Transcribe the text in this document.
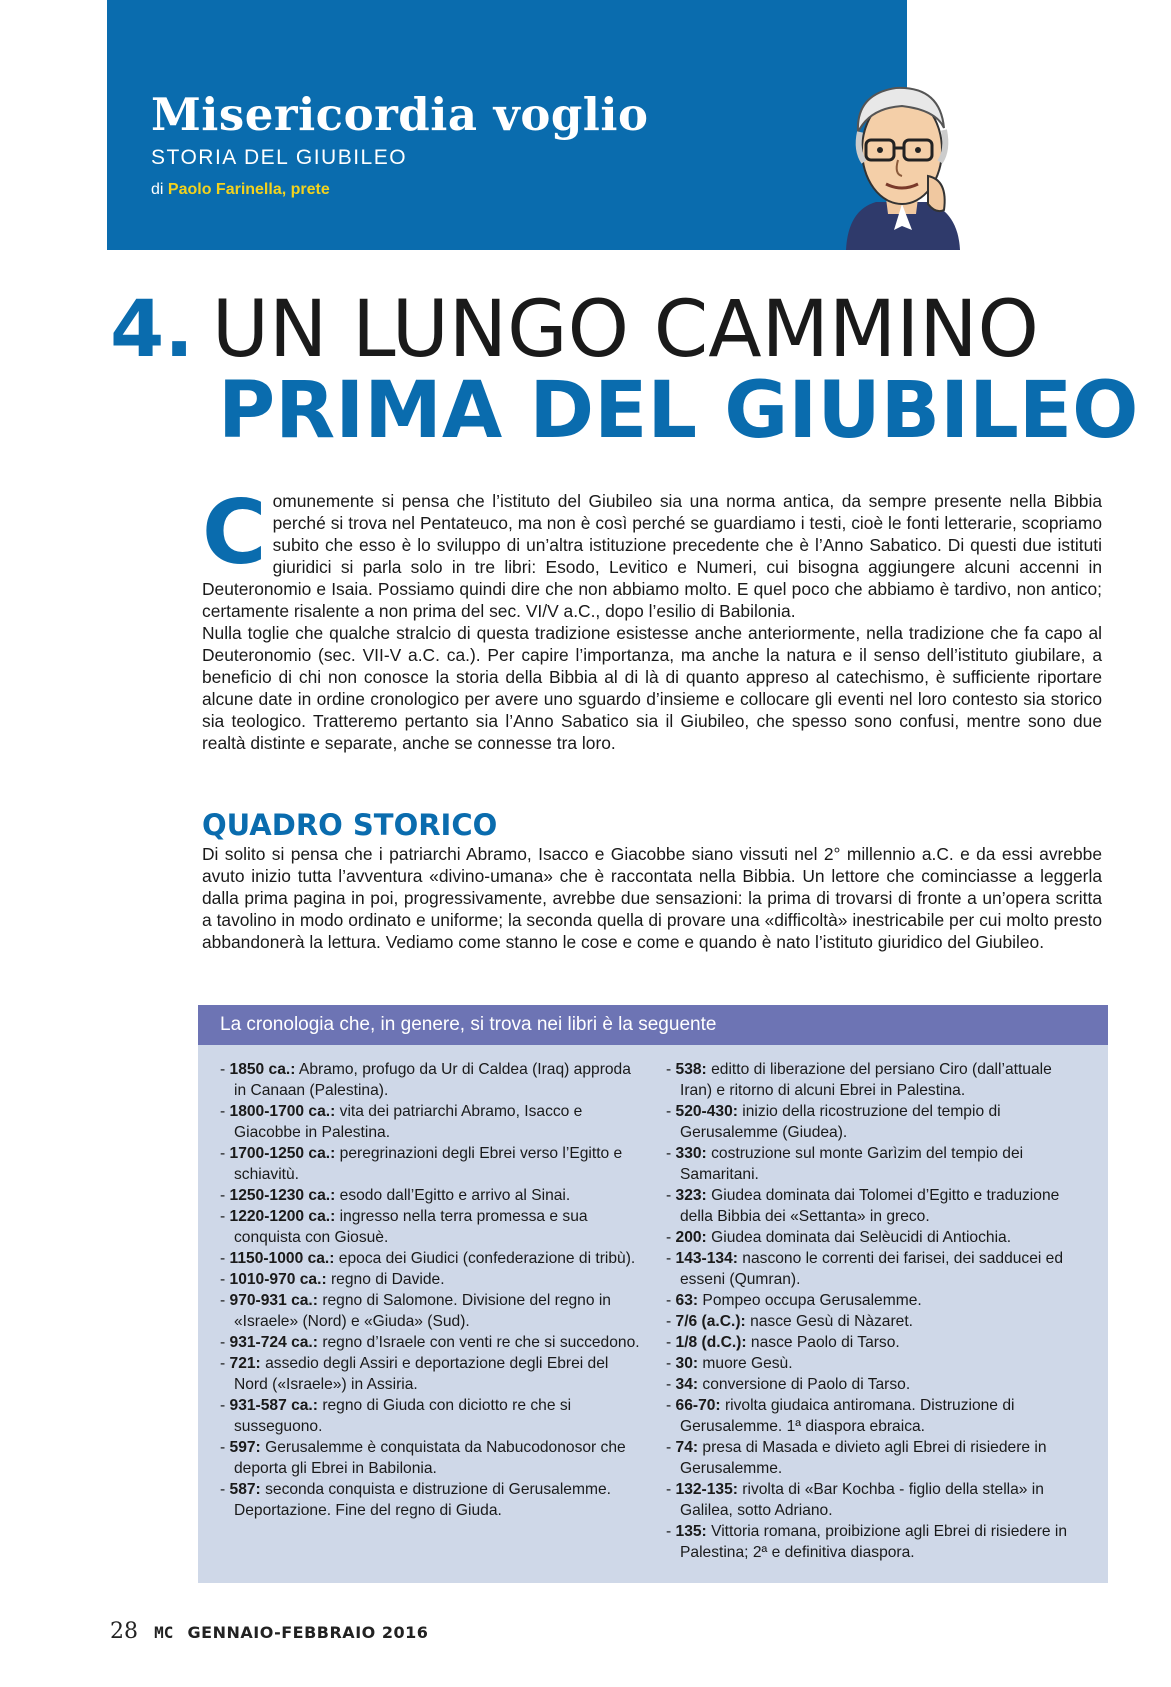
Misericordia voglio
STORIA DEL GIUBILEO
di Paolo Farinella, prete
4. UN LUNGO CAMMINO
PRIMA DEL GIUBILEO

Comunemente si pensa che l’istituto del Giubileo sia una norma antica, da sempre presente nella Bibbia perché si trova nel Pentateuco, ma non è così perché se guardiamo i testi, cioè le fonti letterarie, scopriamo subito che esso è lo sviluppo di un’altra istituzione precedente che è l’Anno Sabatico. Di questi due istituti giuridici si parla solo in tre libri: Esodo, Levitico e Numeri, cui bisogna aggiungere alcuni accenni in Deuteronomio e Isaia. Possiamo quindi dire che non abbiamo molto. E quel poco che abbiamo è tardivo, non antico; certamente risalente a non prima del sec. VI/V a.C., dopo l’esilio di Babilonia.

Nulla toglie che qualche stralcio di questa tradizione esistesse anche anteriormente, nella tradizione che fa capo al Deuteronomio (sec. VII-V a.C. ca.). Per capire l’importanza, ma anche la natura e il senso dell’istituto giubilare, a beneficio di chi non conosce la storia della Bibbia al di là di quanto appreso al catechismo, è sufficiente riportare alcune date in ordine cronologico per avere uno sguardo d’insieme e collocare gli eventi nel loro contesto sia storico sia teologico. Tratteremo pertanto sia l’Anno Sabatico sia il Giubileo, che spesso sono confusi, mentre sono due realtà distinte e separate, anche se connesse tra loro.

QUADRO STORICO

Di solito si pensa che i patriarchi Abramo, Isacco e Giacobbe siano vissuti nel 2° millennio a.C. e da essi avrebbe avuto inizio tutta l’avventura «divino-umana» che è raccontata nella Bibbia. Un lettore che cominciasse a leggerla dalla prima pagina in poi, progressivamente, avrebbe due sensazioni: la prima di trovarsi di fronte a un’opera scritta a tavolino in modo ordinato e uniforme; la seconda quella di provare una «difficoltà» inestricabile per cui molto presto abbandonerà la lettura. Vediamo come stanno le cose e come e quando è nato l’istituto giuridico del Giubileo.

La cronologia che, in genere, si trova nei libri è la seguente

- 1850 ca.: Abramo, profugo da Ur di Caldea (Iraq) approda in Canaan (Palestina).

- 1800-1700 ca.: vita dei patriarchi Abramo, Isacco e Giacobbe in Palestina.

- 1700-1250 ca.: peregrinazioni degli Ebrei verso l’Egitto e schiavitù.

- 1250-1230 ca.: esodo dall’Egitto e arrivo al Sinai.

- 1220-1200 ca.: ingresso nella terra promessa e sua conquista con Giosuè.

- 1150-1000 ca.: epoca dei Giudici (confederazione di tribù).

- 1010-970 ca.: regno di Davide.

- 970-931 ca.: regno di Salomone. Divisione del regno in «Israele» (Nord) e «Giuda» (Sud).

- 931-724 ca.: regno d’Israele con venti re che si succedono.

- 721: assedio degli Assiri e deportazione degli Ebrei del Nord («Israele») in Assiria.

- 931-587 ca.: regno di Giuda con diciotto re che si susseguono.

- 597: Gerusalemme è conquistata da Nabucodonosor che deporta gli Ebrei in Babilonia.

- 587: seconda conquista e distruzione di Gerusalemme. Deportazione. Fine del regno di Giuda.

- 538: editto di liberazione del persiano Ciro (dall’attuale Iran) e ritorno di alcuni Ebrei in Palestina.

- 520-430: inizio della ricostruzione del tempio di Gerusalemme (Giudea).

- 330: costruzione sul monte Garìzim del tempio dei Samaritani.

- 323: Giudea dominata dai Tolomei d’Egitto e traduzione della Bibbia dei «Settanta» in greco.

- 200: Giudea dominata dai Selèucidi di Antiochia.

- 143-134: nascono le correnti dei farisei, dei sadducei ed esseni (Qumran).

- 63: Pompeo occupa Gerusalemme.

- 7/6 (a.C.): nasce Gesù di Nàzaret.

- 1/8 (d.C.): nasce Paolo di Tarso.

- 30: muore Gesù.

- 34: conversione di Paolo di Tarso.

- 66-70: rivolta giudaica antiromana. Distruzione di Gerusalemme. 1ª diaspora ebraica.

- 74: presa di Masada e divieto agli Ebrei di risiedere in Gerusalemme.

- 132-135: rivolta di «Bar Kochba - figlio della stella» in Galilea, sotto Adriano.

- 135: Vittoria romana, proibizione agli Ebrei di risiedere in Palestina; 2ª e definitiva diaspora.

28 MC GENNAIO-FEBBRAIO 2016
